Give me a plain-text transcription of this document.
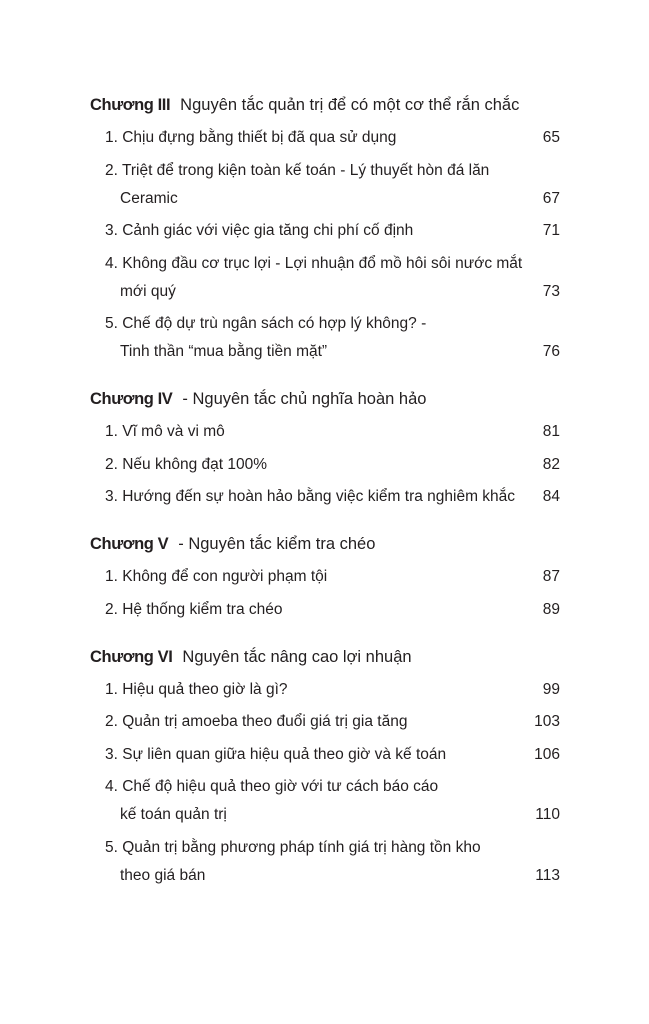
Chương III Nguyên tắc quản trị để có một cơ thể rắn chắc
1. Chịu đựng bằng thiết bị đã qua sử dụng	65
2. Triệt để trong kiện toàn kế toán - Lý thuyết hòn đá lăn
Ceramic	67
3. Cảnh giác với việc gia tăng chi phí cố định	71
4. Không đầu cơ trục lợi - Lợi nhuận đổ mồ hôi sôi nước mắt
mới quý	73
5. Chế độ dự trù ngân sách có hợp lý không? -
Tinh thần “mua bằng tiền mặt”	76
Chương IV - Nguyên tắc chủ nghĩa hoàn hảo
1. Vĩ mô và vi mô	81
2. Nếu không đạt 100%	82
3. Hướng đến sự hoàn hảo bằng việc kiểm tra nghiêm khắc	84
Chương V - Nguyên tắc kiểm tra chéo
1. Không để con người phạm tội	87
2. Hệ thống kiểm tra chéo	89
Chương VI Nguyên tắc nâng cao lợi nhuận
1. Hiệu quả theo giờ là gì?	99
2. Quản trị amoeba theo đuổi giá trị gia tăng	103
3. Sự liên quan giữa hiệu quả theo giờ và kế toán	106
4. Chế độ hiệu quả theo giờ với tư cách báo cáo
kế toán quản trị	110
5. Quản trị bằng phương pháp tính giá trị hàng tồn kho
theo giá bán	113
